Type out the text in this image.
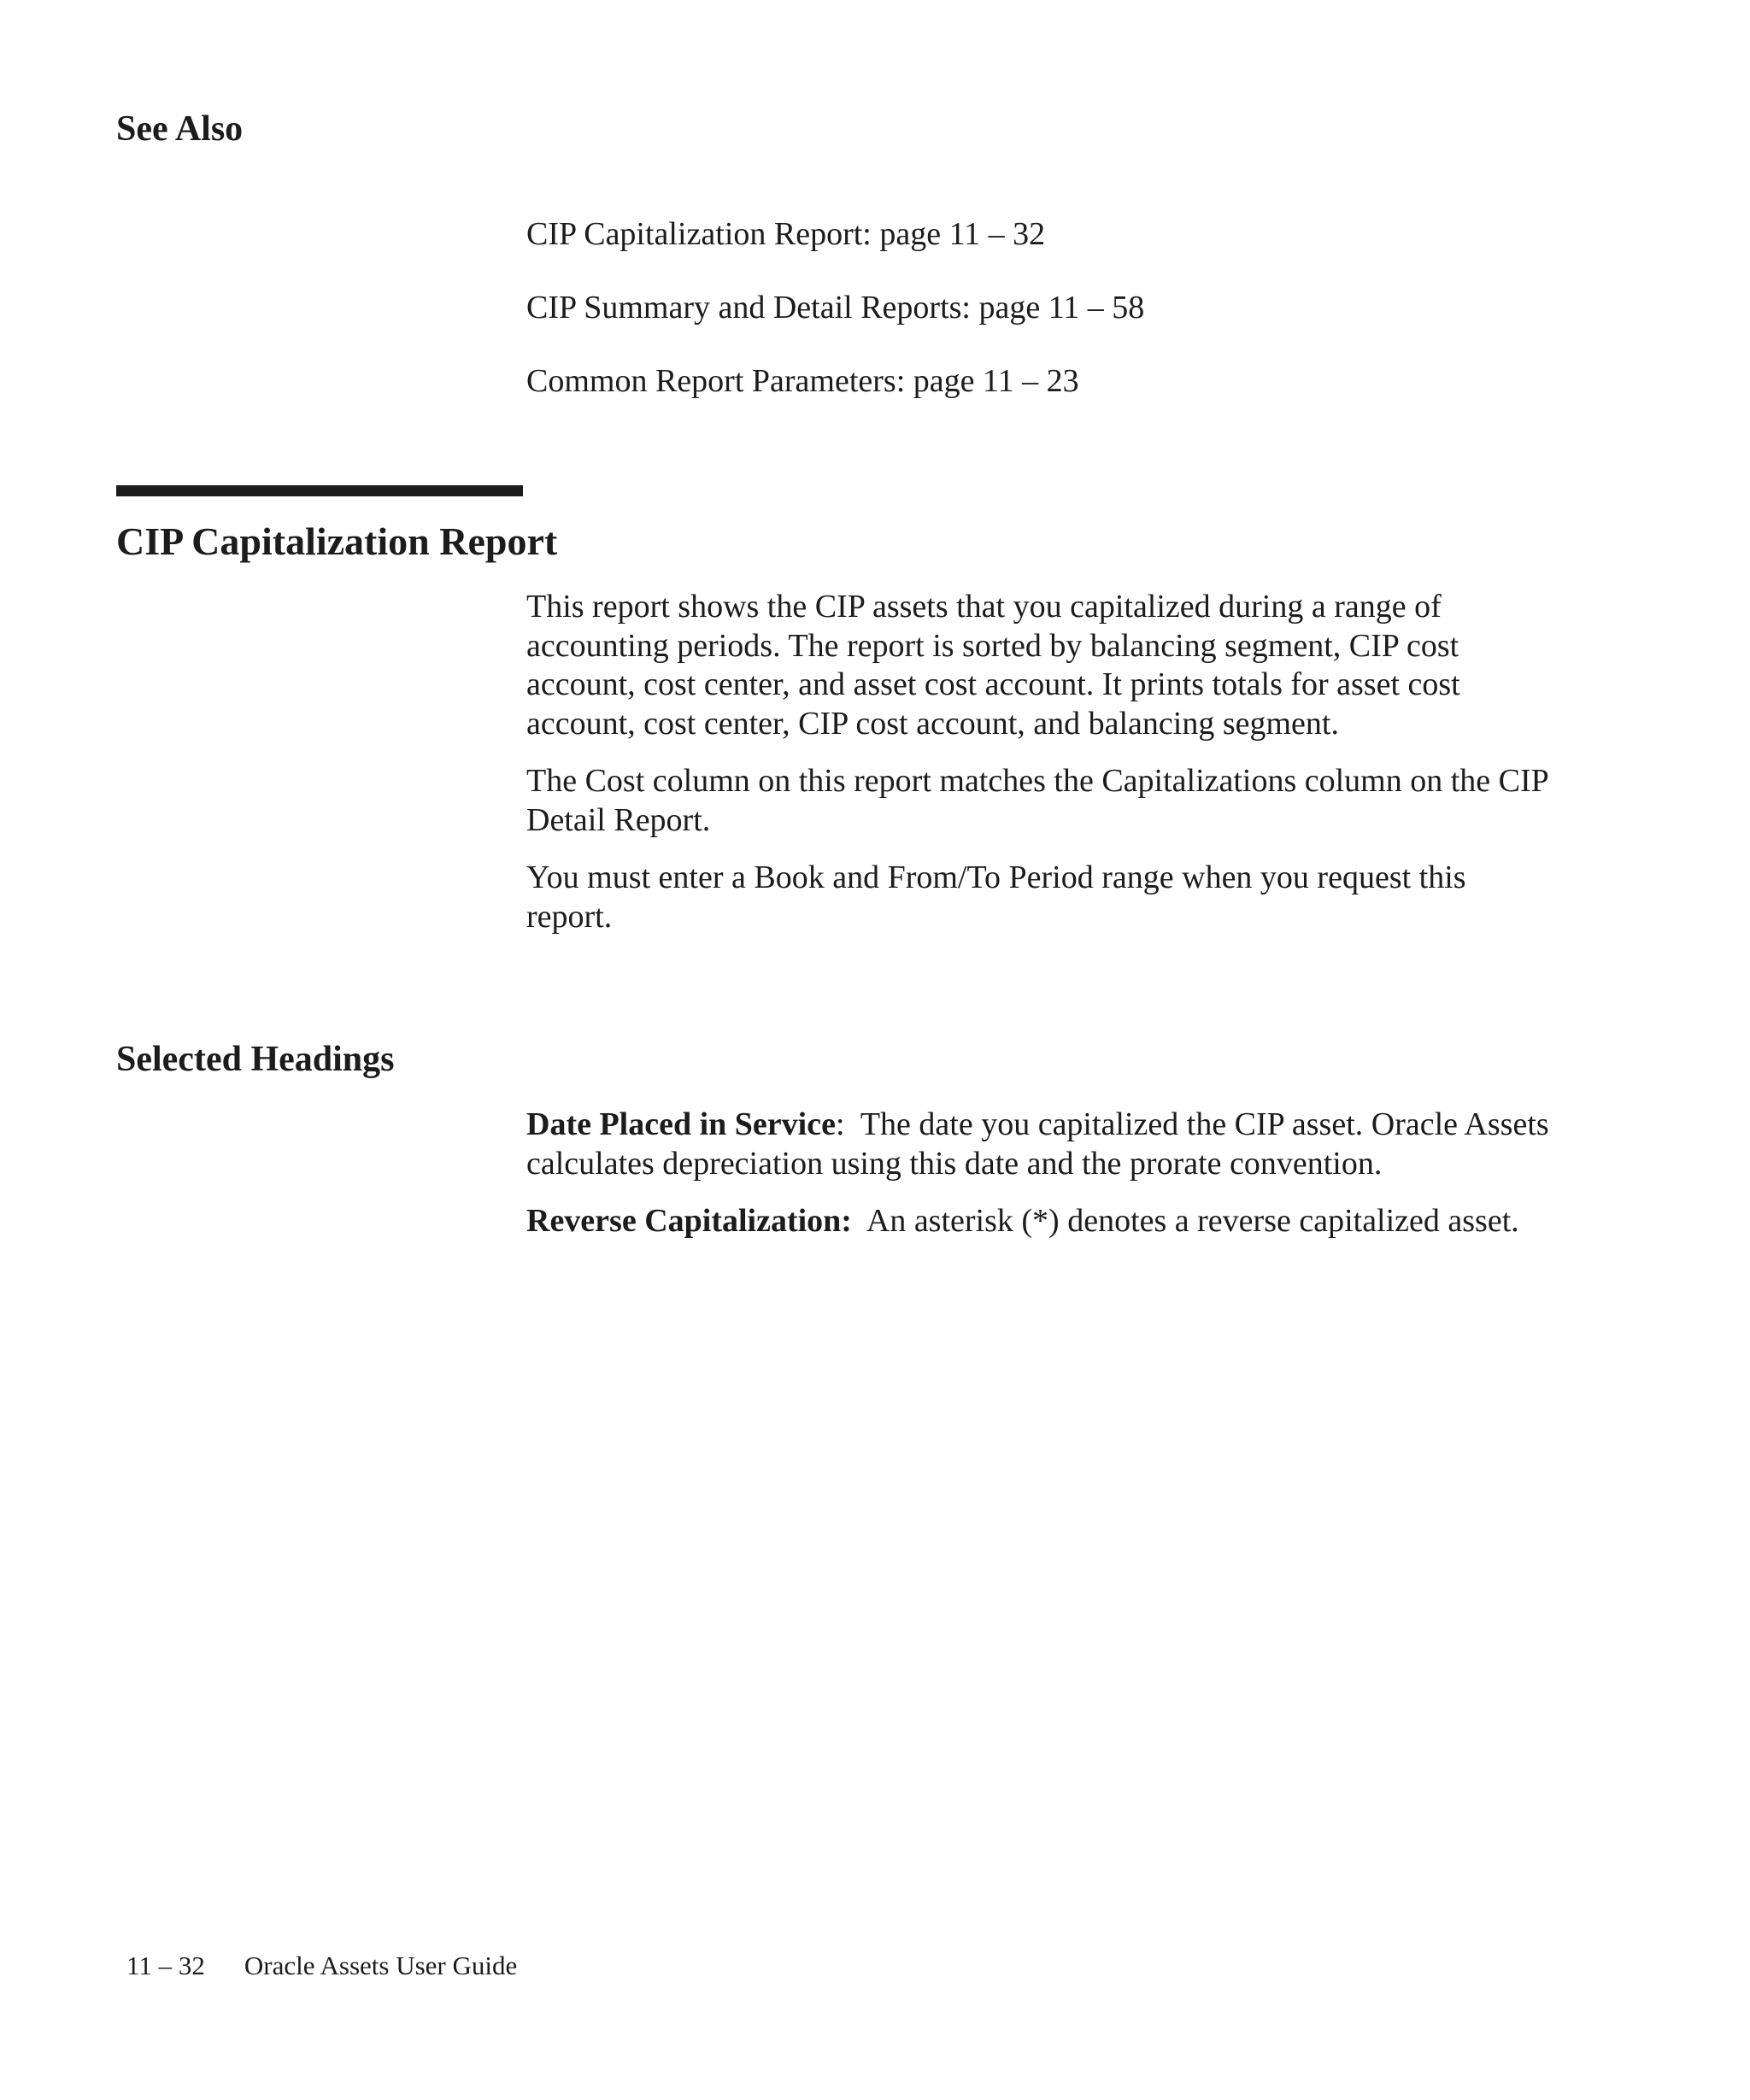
See Also
CIP Capitalization Report: page 11 – 32
CIP Summary and Detail Reports: page 11 – 58
Common Report Parameters: page 11 – 23
CIP Capitalization Report

This report shows the CIP assets that you capitalized during a range of accounting periods. The report is sorted by balancing segment, CIP cost account, cost center, and asset cost account. It prints totals for asset cost account, cost center, CIP cost account, and balancing segment.

The Cost column on this report matches the Capitalizations column on the CIP Detail Report.

You must enter a Book and From/To Period range when you request this report.

Selected Headings

Date Placed in Service:  The date you capitalized the CIP asset. Oracle Assets calculates depreciation using this date and the prorate convention.

Reverse Capitalization: An asterisk (*) denotes a reverse capitalized asset.

11 – 32 Oracle Assets User Guide
